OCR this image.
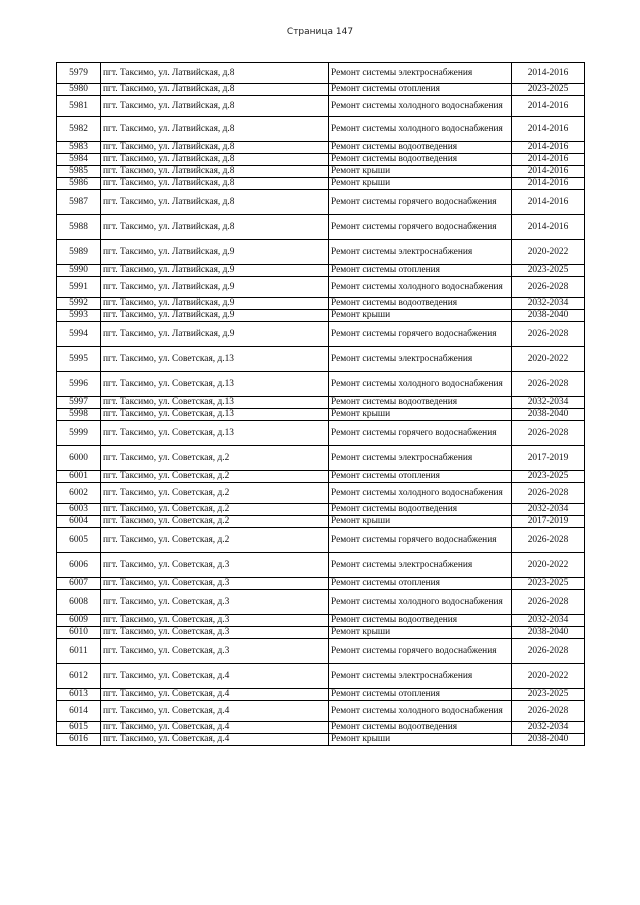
Страница 147
5979	пгт. Таксимо, ул. Латвийская, д.8	Ремонт системы электроснабжения	2014-2016
5980	пгт. Таксимо, ул. Латвийская, д.8	Ремонт системы отопления	2023-2025
5981	пгт. Таксимо, ул. Латвийская, д.8	Ремонт системы холодного водоснабжения	2014-2016
5982	пгт. Таксимо, ул. Латвийская, д.8	Ремонт системы холодного водоснабжения	2014-2016
5983	пгт. Таксимо, ул. Латвийская, д.8	Ремонт системы водоотведения	2014-2016
5984	пгт. Таксимо, ул. Латвийская, д.8	Ремонт системы водоотведения	2014-2016
5985	пгт. Таксимо, ул. Латвийская, д.8	Ремонт крыши	2014-2016
5986	пгт. Таксимо, ул. Латвийская, д.8	Ремонт крыши	2014-2016
5987	пгт. Таксимо, ул. Латвийская, д.8	Ремонт системы горячего водоснабжения	2014-2016
5988	пгт. Таксимо, ул. Латвийская, д.8	Ремонт системы горячего водоснабжения	2014-2016
5989	пгт. Таксимо, ул. Латвийская, д.9	Ремонт системы электроснабжения	2020-2022
5990	пгт. Таксимо, ул. Латвийская, д.9	Ремонт системы отопления	2023-2025
5991	пгт. Таксимо, ул. Латвийская, д.9	Ремонт системы холодного водоснабжения	2026-2028
5992	пгт. Таксимо, ул. Латвийская, д.9	Ремонт системы водоотведения	2032-2034
5993	пгт. Таксимо, ул. Латвийская, д.9	Ремонт крыши	2038-2040
5994	пгт. Таксимо, ул. Латвийская, д.9	Ремонт системы горячего водоснабжения	2026-2028
5995	пгт. Таксимо, ул. Советская, д.13	Ремонт системы электроснабжения	2020-2022
5996	пгт. Таксимо, ул. Советская, д.13	Ремонт системы холодного водоснабжения	2026-2028
5997	пгт. Таксимо, ул. Советская, д.13	Ремонт системы водоотведения	2032-2034
5998	пгт. Таксимо, ул. Советская, д.13	Ремонт крыши	2038-2040
5999	пгт. Таксимо, ул. Советская, д.13	Ремонт системы горячего водоснабжения	2026-2028
6000	пгт. Таксимо, ул. Советская, д.2	Ремонт системы электроснабжения	2017-2019
6001	пгт. Таксимо, ул. Советская, д.2	Ремонт системы отопления	2023-2025
6002	пгт. Таксимо, ул. Советская, д.2	Ремонт системы холодного водоснабжения	2026-2028
6003	пгт. Таксимо, ул. Советская, д.2	Ремонт системы водоотведения	2032-2034
6004	пгт. Таксимо, ул. Советская, д.2	Ремонт крыши	2017-2019
6005	пгт. Таксимо, ул. Советская, д.2	Ремонт системы горячего водоснабжения	2026-2028
6006	пгт. Таксимо, ул. Советская, д.3	Ремонт системы электроснабжения	2020-2022
6007	пгт. Таксимо, ул. Советская, д.3	Ремонт системы отопления	2023-2025
6008	пгт. Таксимо, ул. Советская, д.3	Ремонт системы холодного водоснабжения	2026-2028
6009	пгт. Таксимо, ул. Советская, д.3	Ремонт системы водоотведения	2032-2034
6010	пгт. Таксимо, ул. Советская, д.3	Ремонт крыши	2038-2040
6011	пгт. Таксимо, ул. Советская, д.3	Ремонт системы горячего водоснабжения	2026-2028
6012	пгт. Таксимо, ул. Советская, д.4	Ремонт системы электроснабжения	2020-2022
6013	пгт. Таксимо, ул. Советская, д.4	Ремонт системы отопления	2023-2025
6014	пгт. Таксимо, ул. Советская, д.4	Ремонт системы холодного водоснабжения	2026-2028
6015	пгт. Таксимо, ул. Советская, д.4	Ремонт системы водоотведения	2032-2034
6016	пгт. Таксимо, ул. Советская, д.4	Ремонт крыши	2038-2040
